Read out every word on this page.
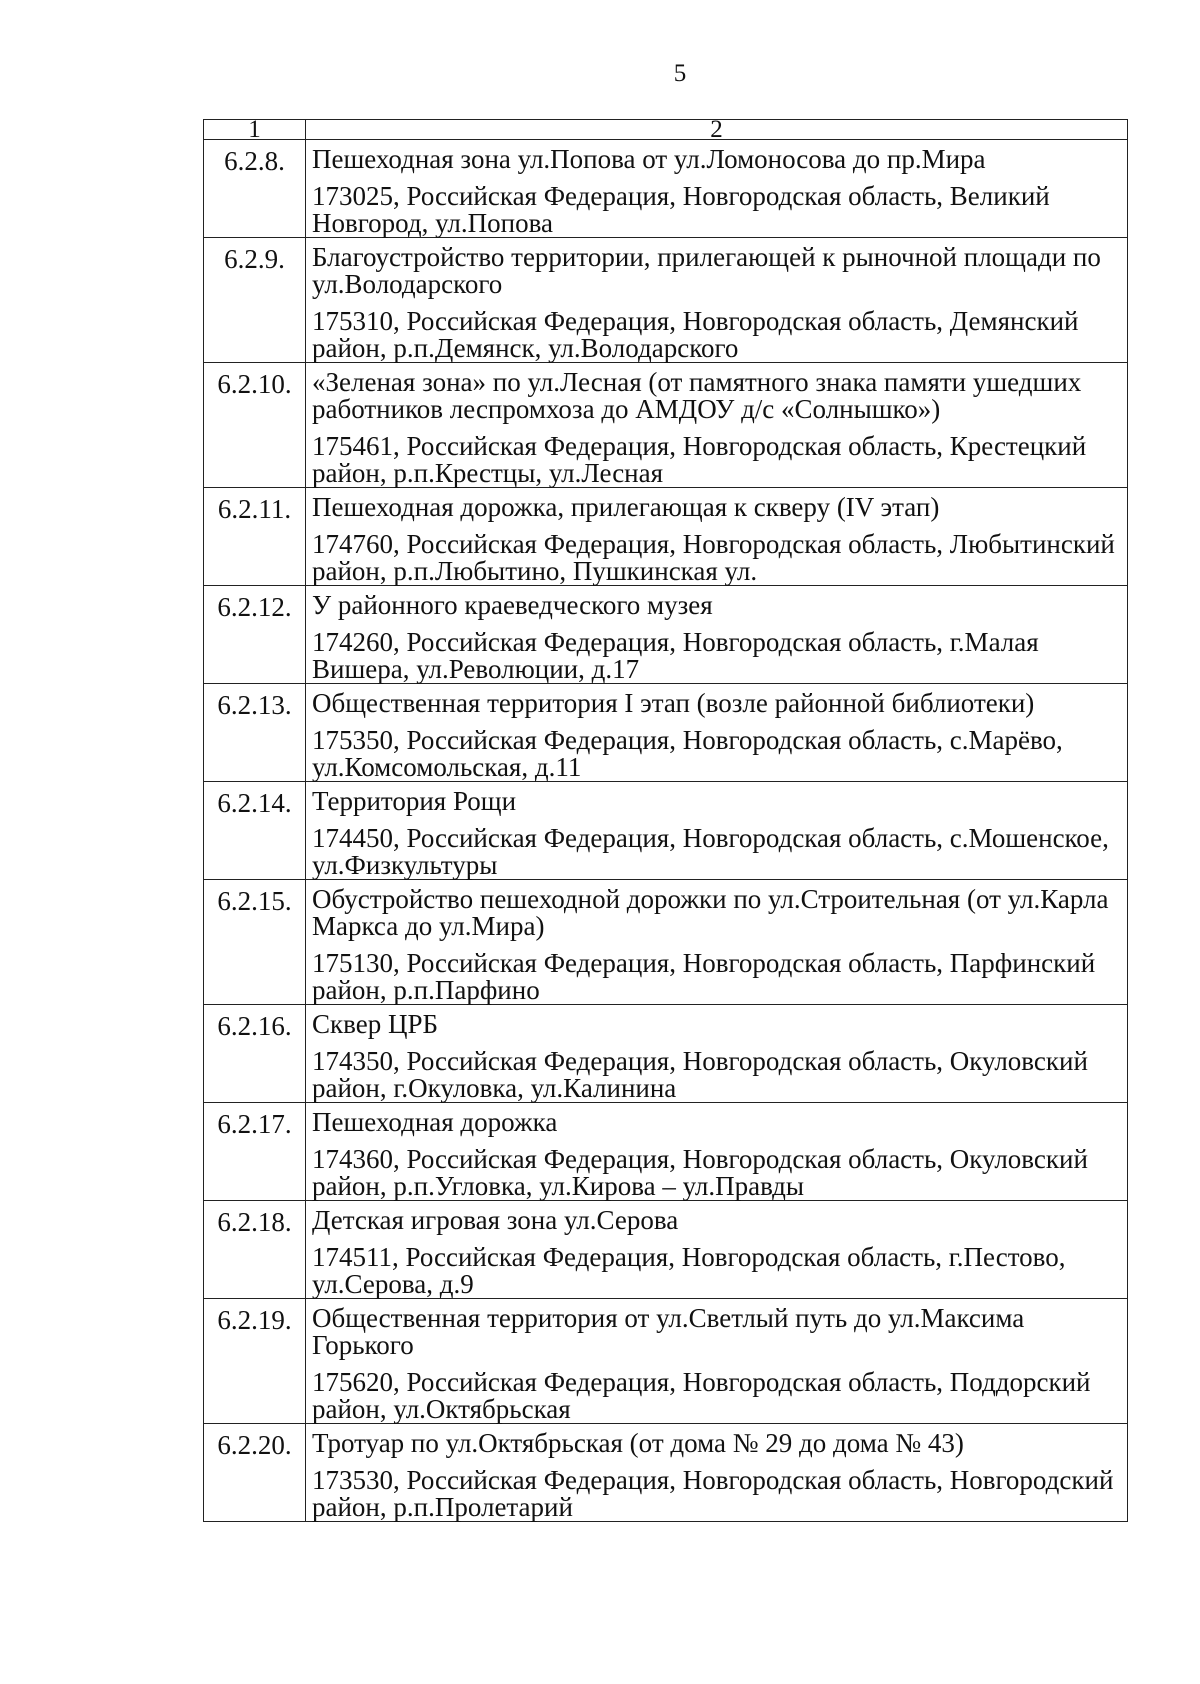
5
1	2
6.2.8.	Пешеходная зона ул.Попова от ул.Ломоносова до пр.Мира

173025, Российская Федерация, Новгородская область, Великий Новгород, ул.Попова

6.2.9.	Благоустройство территории, прилегающей к рыночной площади по ул.Володарского

175310, Российская Федерация, Новгородская область, Демянский район, р.п.Демянск, ул.Володарского

6.2.10.	«Зеленая зона» по ул.Лесная (от памятного знака памяти ушедших работников леспромхоза до АМДОУ д/с «Солнышко»)

175461, Российская Федерация, Новгородская область, Крестецкий район, р.п.Крестцы, ул.Лесная

6.2.11.	Пешеходная дорожка, прилегающая к скверу (IV этап)

174760, Российская Федерация, Новгородская область, Любытинский район, р.п.Любытино, Пушкинская ул.

6.2.12.	У районного краеведческого музея

174260, Российская Федерация, Новгородская область, г.Малая Вишера, ул.Революции, д.17

6.2.13.	Общественная территория I этап (возле районной библиотеки)

175350, Российская Федерация, Новгородская область, с.Марёво, ул.Комсомольская, д.11

6.2.14.	Территория Рощи

174450, Российская Федерация, Новгородская область, с.Мошенское, ул.Физкультуры

6.2.15.	Обустройство пешеходной дорожки по ул.Строительная (от ул.Карла Маркса до ул.Мира)

175130, Российская Федерация, Новгородская область, Парфинский район, р.п.Парфино

6.2.16.	Сквер ЦРБ

174350, Российская Федерация, Новгородская область, Окуловский район, г.Окуловка, ул.Калинина

6.2.17.	Пешеходная дорожка

174360, Российская Федерация, Новгородская область, Окуловский район, р.п.Угловка, ул.Кирова – ул.Правды

6.2.18.	Детская игровая зона ул.Серова

174511, Российская Федерация, Новгородская область, г.Пестово, ул.Серова, д.9

6.2.19.	Общественная территория от ул.Светлый путь до ул.Максима Горького

175620, Российская Федерация, Новгородская область, Поддорский район, ул.Октябрьская

6.2.20.	Тротуар по ул.Октябрьская (от дома № 29 до дома № 43)

173530, Российская Федерация, Новгородская область, Новгородский район, р.п.Пролетарий
